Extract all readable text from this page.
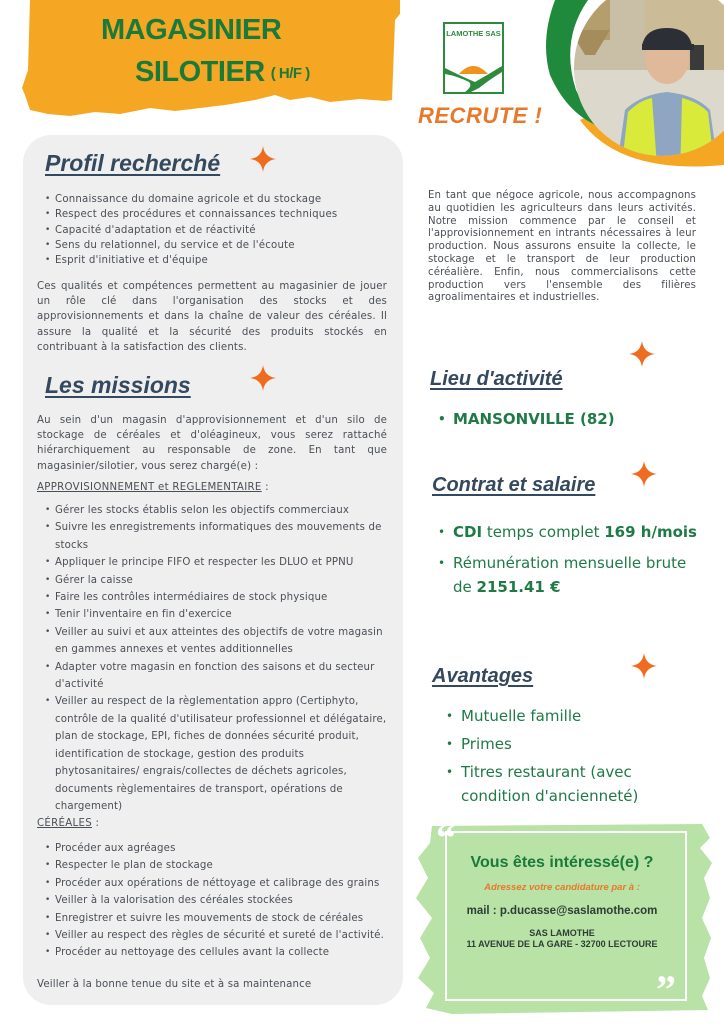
MAGASINIER
SILOTIER ( H/F )
LAMOTHE SAS
RECRUTE !
Profil recherché
• Connaissance du domaine agricole et du stockage
• Respect des procédures et connaissances techniques
• Capacité d'adaptation et de réactivité
• Sens du relationnel, du service et de l'écoute
• Esprit d'initiative et d'équipe
Ces qualités et compétences permettent au magasinier de jouer un rôle clé dans l'organisation des stocks et des approvisionnements et dans la chaîne de valeur des céréales. Il assure la qualité et la sécurité des produits stockés en contribuant à la satisfaction des clients.
Les missions
Au sein d'un magasin d'approvisionnement et d'un silo de stockage de céréales et d'oléagineux, vous serez rattaché hiérarchiquement au responsable de zone. En tant que magasinier/silotier, vous serez chargé(e) :
APPROVISIONNEMENT et REGLEMENTAIRE :
• Gérer les stocks établis selon les objectifs commerciaux
• Suivre les enregistrements informatiques des mouvements de stocks
• Appliquer le principe FIFO et respecter les DLUO et PPNU
• Gérer la caisse
• Faire les contrôles intermédiaires de stock physique
• Tenir l'inventaire en fin d'exercice
• Veiller au suivi et aux atteintes des objectifs de votre magasin en gammes annexes et ventes additionnelles
• Adapter votre magasin en fonction des saisons et du secteur d'activité
• Veiller au respect de la règlementation appro (Certiphyto, contrôle de la qualité d'utilisateur professionnel et délégataire, plan de stockage, EPI, fiches de données sécurité produit, identification de stockage, gestion des produits phytosanitaires/ engrais/collectes de déchets agricoles, documents règlementaires de transport, opérations de chargement)
CÉRÉALES :
• Procéder aux agréages
• Respecter le plan de stockage
• Procéder aux opérations de néttoyage et calibrage des grains
• Veiller à la valorisation des céréales stockées
• Enregistrer et suivre les mouvements de stock de céréales
• Veiller au respect des règles de sécurité et sureté de l'activité.
• Procéder au nettoyage des cellules avant la collecte
Veiller à la bonne tenue du site et à sa maintenance
En tant que négoce agricole, nous accompagnons au quotidien les agriculteurs dans leurs activités. Notre mission commence par le conseil et l'approvisionnement en intrants nécessaires à leur production. Nous assurons ensuite la collecte, le stockage et le transport de leur production céréalière. Enfin, nous commercialisons cette production vers l'ensemble des filières agroalimentaires et industrielles.
Lieu d'activité
• MANSONVILLE (82)
Contrat et salaire
• CDI temps complet 169 h/mois
• Rémunération mensuelle brute de 2151.41 €
Avantages
• Mutuelle famille
• Primes
• Titres restaurant (avec condition d'ancienneté)
“
”
Vous êtes intéressé(e) ?
Adressez votre candidature par à :
mail : p.ducasse@saslamothe.com
SAS LAMOTHE
11 AVENUE DE LA GARE - 32700 LECTOURE
